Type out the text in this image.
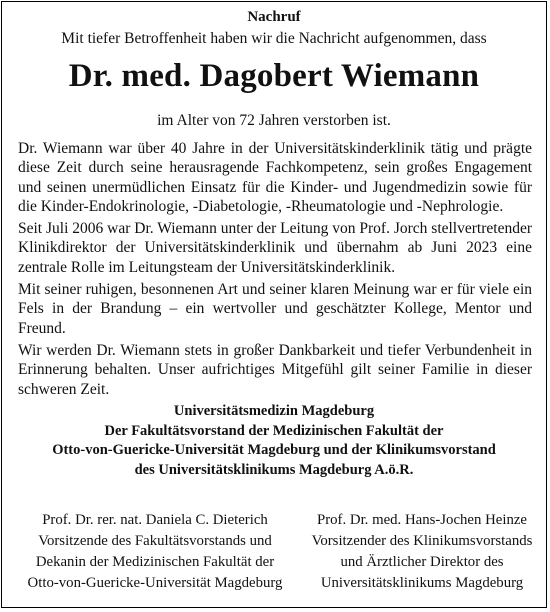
Nachruf
Mit tiefer Betroffenheit haben wir die Nachricht aufgenommen, dass
Dr. med. Dagobert Wiemann
im Alter von 72 Jahren verstorben ist.

Dr. Wiemann war über 40 Jahre in der Universitätskinderklinik tätig und prägte diese Zeit durch seine herausragende Fachkompetenz, sein großes Engagement und seinen unermüdlichen Einsatz für die Kinder- und Jugendmedizin sowie für die Kinder-Endokrinologie, -Diabetologie, -Rheumatologie und -Nephrologie.

Seit Juli 2006 war Dr. Wiemann unter der Leitung von Prof. Jorch stellvertretender Klinikdirektor der Universitätskinderklinik und übernahm ab Juni 2023 eine zentrale Rolle im Leitungsteam der Universitätskinderklinik.

Mit seiner ruhigen, besonnenen Art und seiner klaren Meinung war er für viele ein Fels in der Brandung – ein wertvoller und geschätzter Kollege, Mentor und Freund.

Wir werden Dr. Wiemann stets in großer Dankbarkeit und tiefer Verbundenheit in Erinnerung behalten. Unser aufrichtiges Mitgefühl gilt seiner Familie in dieser schweren Zeit.

Universitätsmedizin Magdeburg
Der Fakultätsvorstand der Medizinischen Fakultät der
Otto-von-Guericke-Universität Magdeburg und der Klinikumsvorstand
des Universitätsklinikums Magdeburg A.ö.R.
Prof. Dr. rer. nat. Daniela C. Dieterich
Vorsitzende des Fakultätsvorstands und
Dekanin der Medizinischen Fakultät der
Otto-von-Guericke-Universität Magdeburg
Prof. Dr. med. Hans-Jochen Heinze
Vorsitzender des Klinikumsvorstands
und Ärztlicher Direktor des
Universitätsklinikums Magdeburg
